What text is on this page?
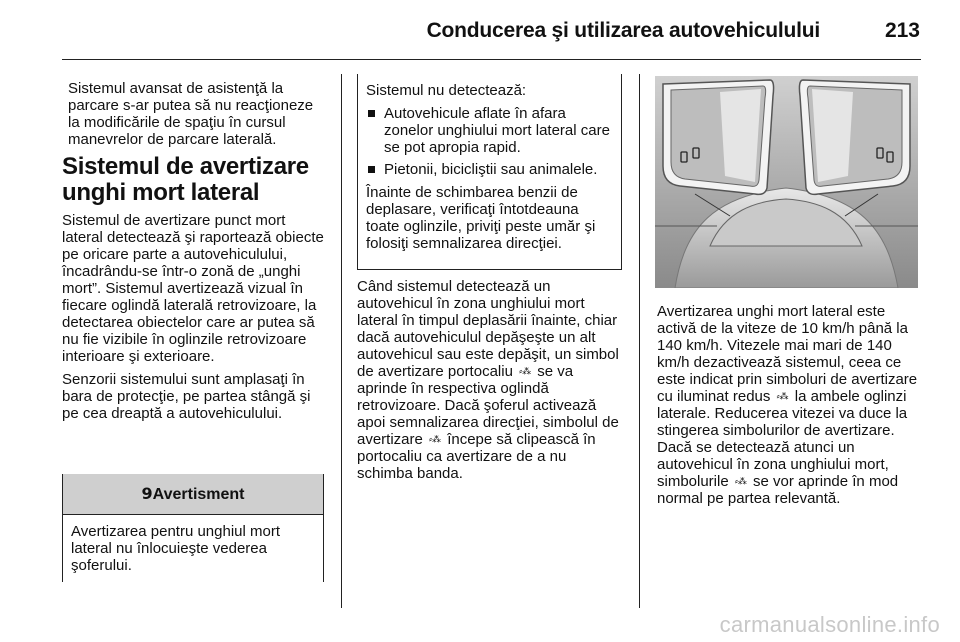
Conducerea şi utilizarea autovehiculului	213

Sistemul avansat de asistenţă la parcare s-ar putea să nu reacţioneze la modificările de spaţiu în cursul manevrelor de parcare laterală.

Sistemul de avertizare unghi mort lateral

Sistemul de avertizare punct mort lateral detectează şi raportează obiecte pe oricare parte a autovehiculului, încadrându-se într-o zonă de „unghi mort”. Sistemul avertizează vizual în fiecare oglindă laterală retrovizoare, la detectarea obiectelor care ar putea să nu fie vizibile în oglinzile retrovizoare interioare şi exterioare.

Senzorii sistemului sunt amplasaţi în bara de protecţie, pe partea stângă şi pe cea dreaptă a autovehiculului.

9Avertisment
Avertizarea pentru unghiul mort lateral nu înlocuieşte vederea şoferului.

Sistemul nu detectează:

Autovehicule aflate în afara zonelor unghiului mort lateral care se pot apropia rapid.
Pietonii, bicicliştii sau animalele.

Înainte de schimbarea benzii de deplasare, verificaţi întotdeauna toate oglinzile, priviţi peste umăr şi folosiţi semnalizarea direcţiei.

Când sistemul detectează un autovehicul în zona unghiului mort lateral în timpul deplasării înainte, chiar dacă autovehiculul depăşeşte un alt autovehicul sau este depăşit, un simbol de avertizare portocaliu ⸗⁂ se va aprinde în respectiva oglindă retrovizoare. Dacă şoferul activează apoi semnalizarea direcţiei, simbolul de avertizare ⸗⁂ începe să clipească în portocaliu ca avertizare de a nu schimba banda.

Avertizarea unghi mort lateral este activă de la viteze de 10 km/h până la 140 km/h. Vitezele mai mari de 140 km/h dezactivează sistemul, ceea ce este indicat prin simboluri de avertizare cu iluminat redus ⸗⁂ la ambele oglinzi laterale. Reducerea vitezei va duce la stingerea simbolurilor de avertizare. Dacă se detectează atunci un autovehicul în zona unghiului mort, simbolurile ⸗⁂ se vor aprinde în mod normal pe partea relevantă.

carmanualsonline.info
